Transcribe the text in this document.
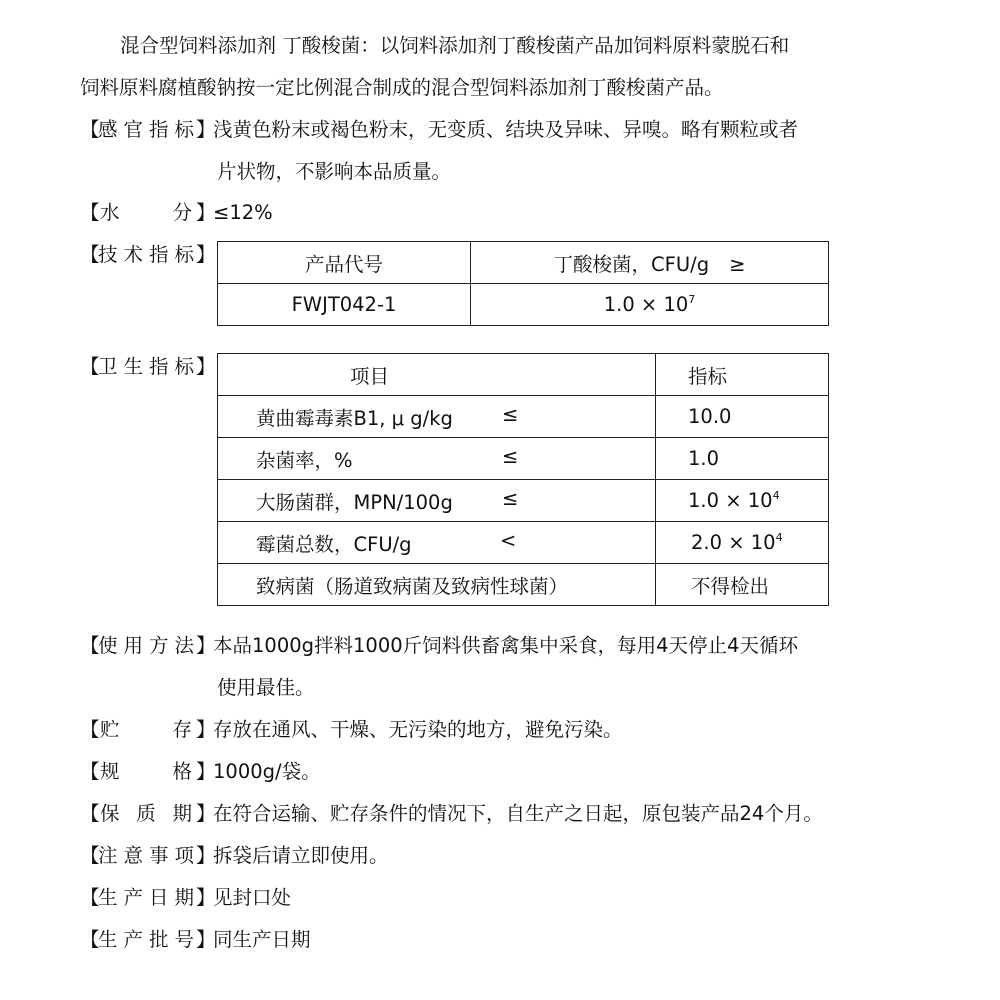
混合型饲料添加剂 丁酸梭菌：以饲料添加剂丁酸梭菌产品加饲料原料蒙脱石和
饲料原料腐植酸钠按一定比例混合制成的混合型饲料添加剂丁酸梭菌产品。
【
感 官 指 标 】
浅黄色粉末或褐色粉末，无变质、结块及异味、异嗅。略有颗粒或者
片状物，不影响本品质量。
【 水	分 】
≤12%
【
技 术 指 标 】	产品代号	丁酸梭菌，CFU/g ≥
FWJT042-1	$1.0 \times 10^7$
【
卫 生 指 标 】	项目	指标
黄曲霉毒素B1, μ g/kg ≤	10.0
杂菌率，% ≤	1.0
大肠菌群，MPN/100g ≤	$1.0 \times 10^4$
霉菌总数，CFU/g <	$2.0 \times 10^4$
致病菌（肠道致病菌及致病性球菌）	不得检出
【
使 用 方 法 】
本品1000g拌料1000斤饲料供畜禽集中采食，每用4天停止4天循环
使用最佳。
【 贮	存 】
存放在通风、干燥、无污染的地方，避免污染。
【 规	格 】
1000g/袋。
【 保 质 期 】
在符合运输、贮存条件的情况下，自生产之日起，原包装产品24个月。
【
注 意 事 项 】
拆袋后请立即使用。
【
生 产 日 期 】
见封口处
【
生 产 批 号 】
同生产日期
